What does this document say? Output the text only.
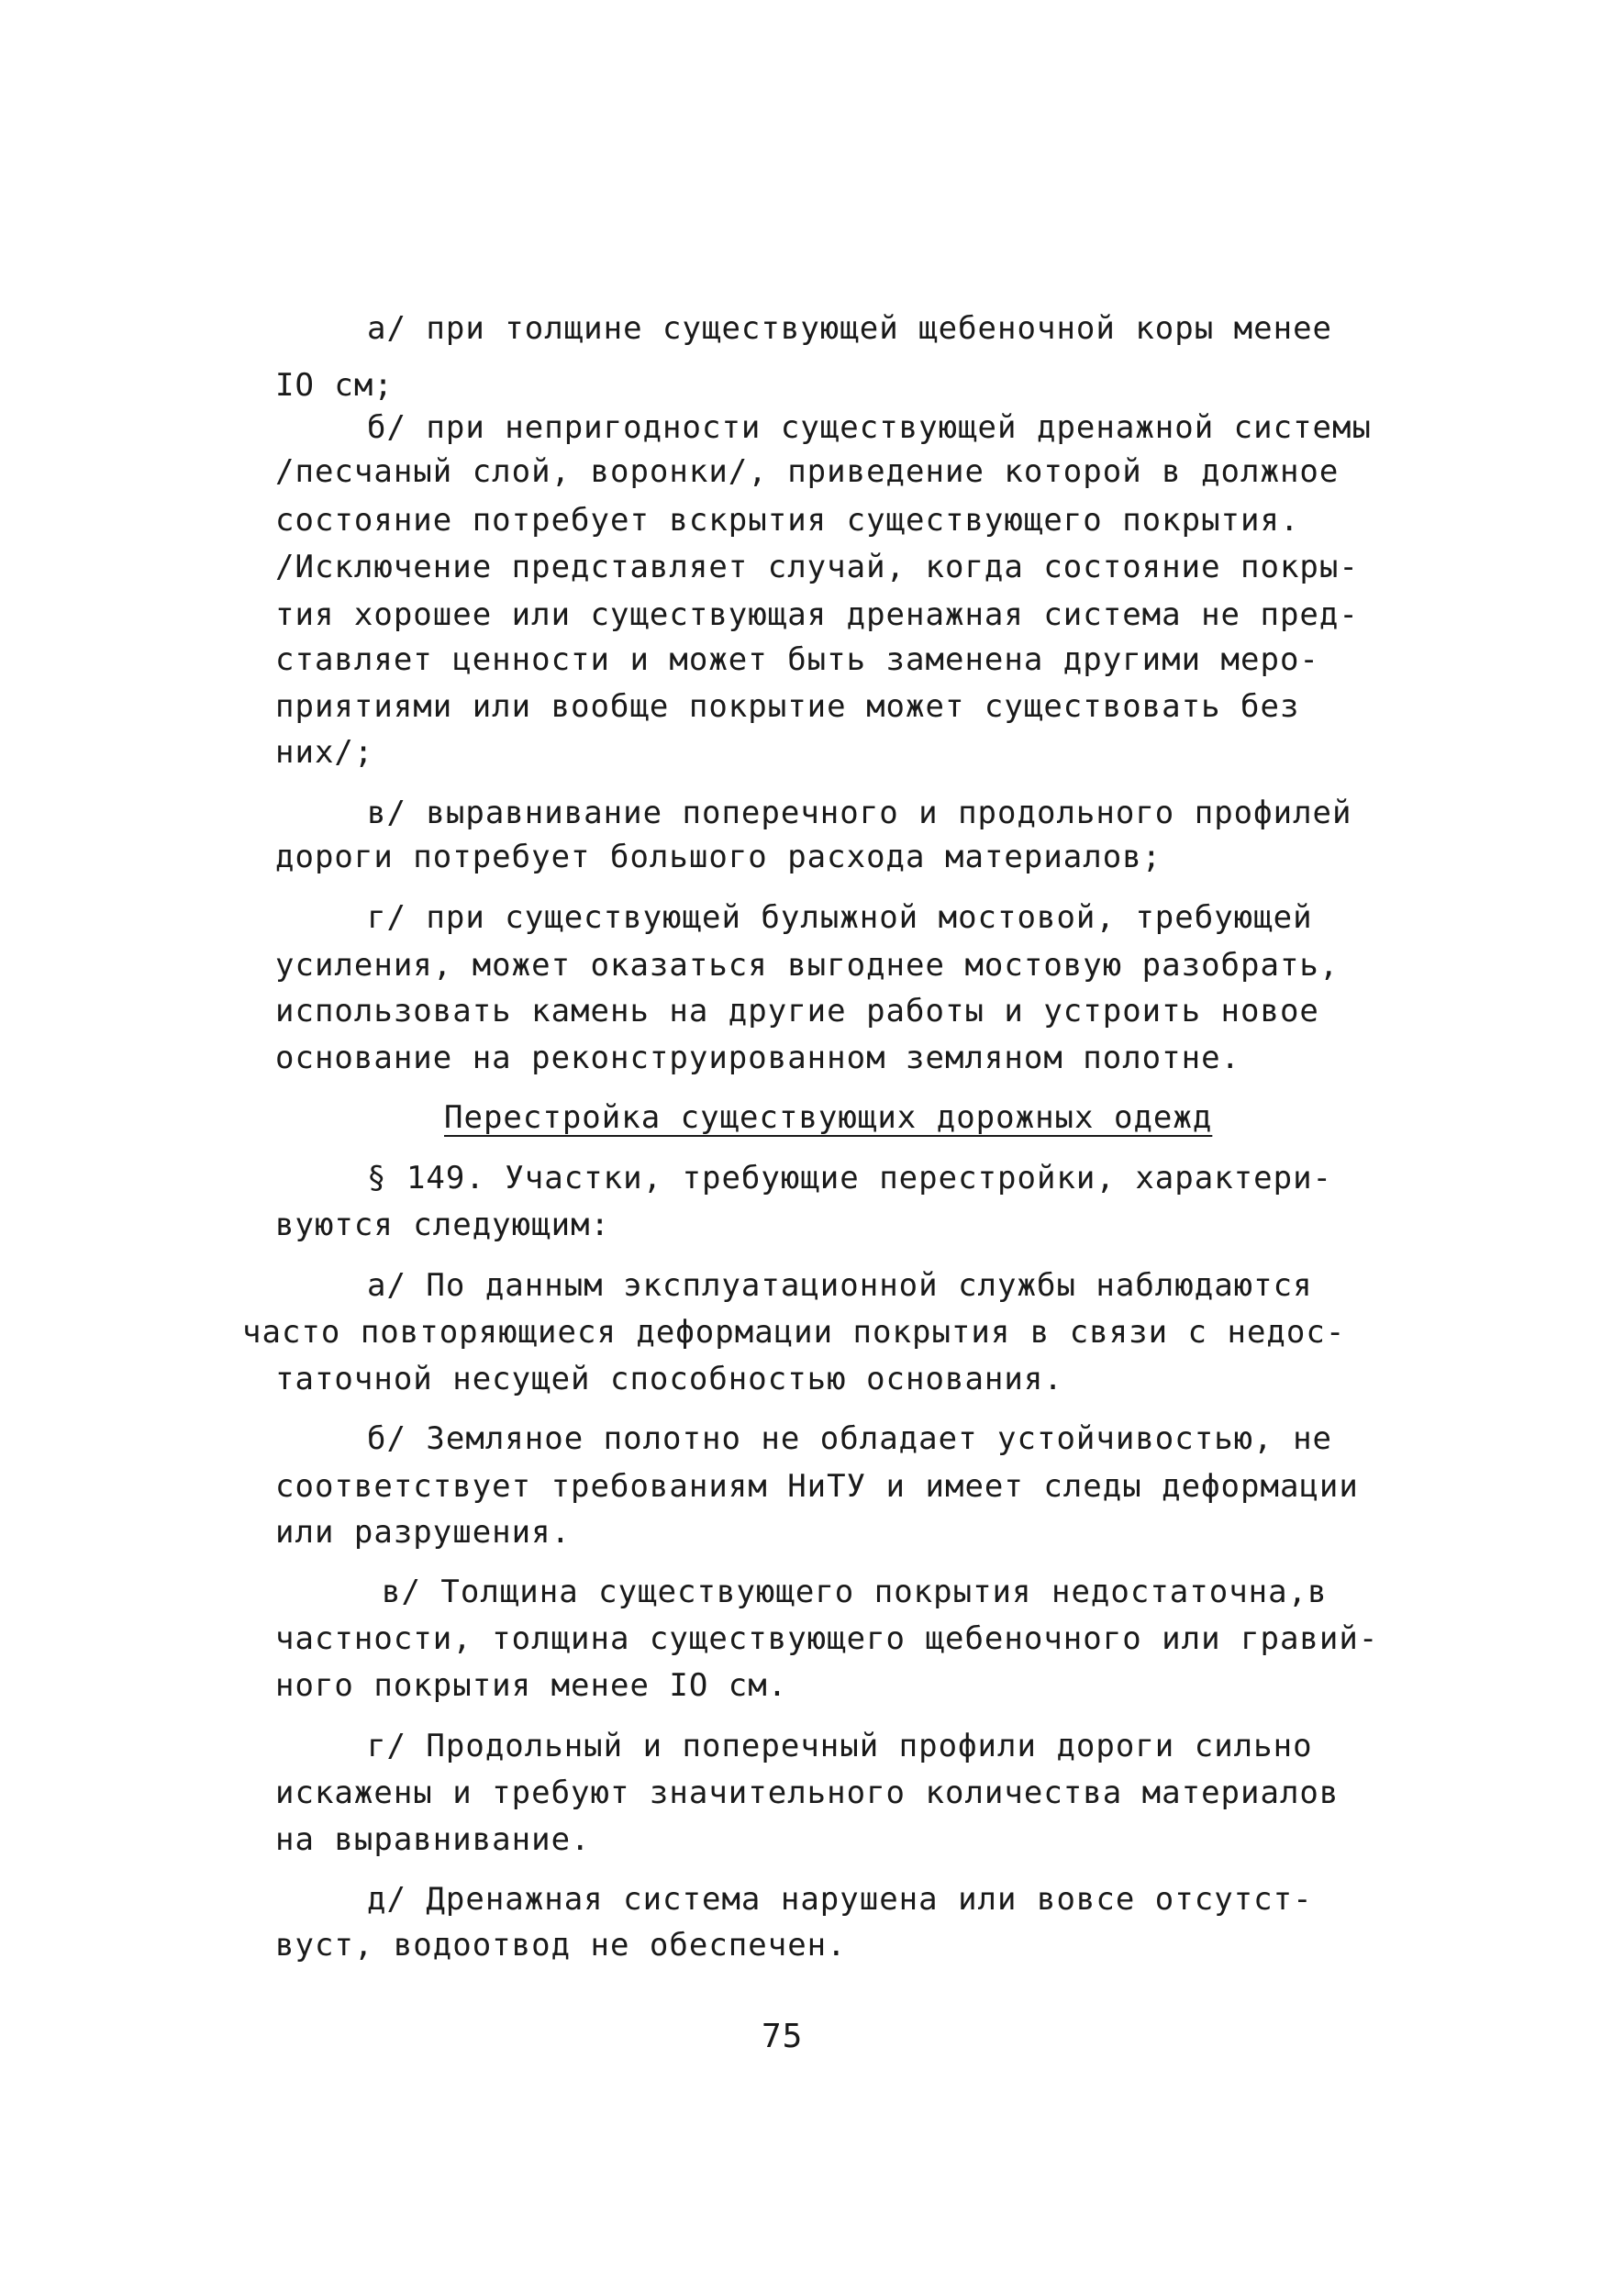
а/ при толщине существующей щебеночной коры менее
IO см;
б/ при непригодности существующей дренажной системы
/песчаный слой, воронки/, приведение которой в должное
состояние потребует вскрытия существующего покрытия.
/Исключение представляет случай, когда состояние покры-
тия хорошее или существующая дренажная система не пред-
ставляет ценности и может быть заменена другими меро-
приятиями или вообще покрытие может существовать без
них/;
в/ выравнивание поперечного и продольного профилей
дороги потребует большого расхода материалов;
г/ при существующей булыжной мостовой, требующей
усиления, может оказаться выгоднее мостовую разобрать,
использовать камень на другие работы и устроить новое
основание на реконструированном земляном полотне.
Перестройка существующих дорожных одежд
§ 149. Участки, требующие перестройки, характери-
вуются следующим:
а/ По данным эксплуатационной службы наблюдаются
часто повторяющиеся деформации покрытия в связи с недос-
таточной несущей способностью основания.
б/ Земляное полотно не обладает устойчивостью, не
соответствует требованиям НиТУ и имеет следы деформации
или разрушения.
в/ Толщина существующего покрытия недостаточна,в
частности, толщина существующего щебеночного или гравий-
ного покрытия менее IO см.
г/ Продольный и поперечный профили дороги сильно
искажены и требуют значительного количества материалов
на выравнивание.
д/ Дренажная система нарушена или вовсе отсутст-
вуст, водоотвод не обеспечен.
75
